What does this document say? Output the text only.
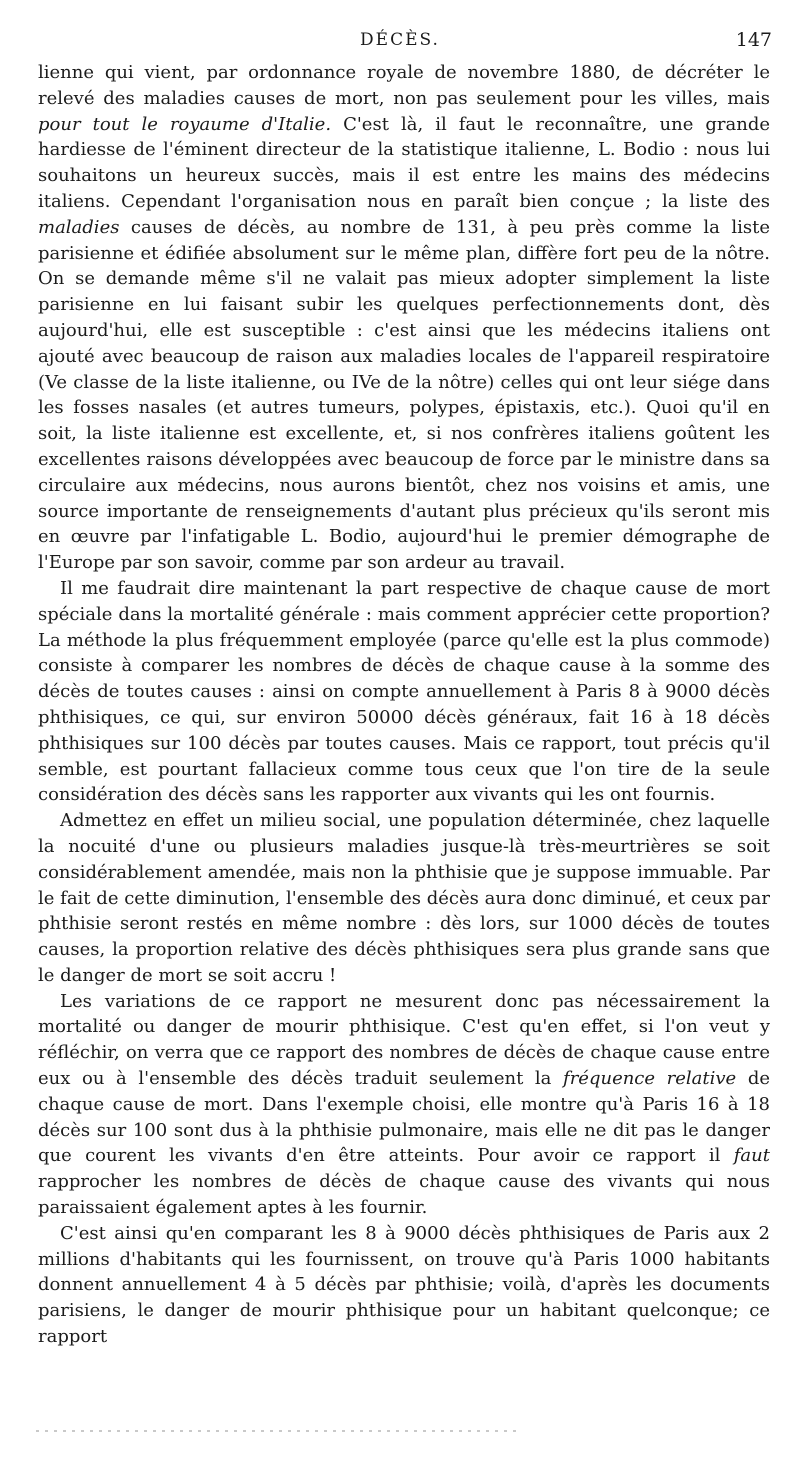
DÉCÈS.	147

lienne qui vient, par ordonnance royale de novembre 1880, de décréter le relevé des maladies causes de mort, non pas seulement pour les villes, mais pour tout le royaume d'Italie. C'est là, il faut le reconnaître, une grande hardiesse de l'éminent directeur de la statistique italienne, L. Bodio : nous lui souhaitons un heureux succès, mais il est entre les mains des médecins italiens. Cependant l'organisation nous en paraît bien conçue ; la liste des maladies causes de décès, au nombre de 131, à peu près comme la liste parisienne et édifiée absolument sur le même plan, diffère fort peu de la nôtre. On se demande même s'il ne valait pas mieux adopter simplement la liste parisienne en lui faisant subir les quelques perfectionnements dont, dès aujourd'hui, elle est susceptible : c'est ainsi que les médecins italiens ont ajouté avec beaucoup de raison aux maladies locales de l'appareil respiratoire (Ve classe de la liste italienne, ou IVe de la nôtre) celles qui ont leur siége dans les fosses nasales (et autres tumeurs, polypes, épistaxis, etc.). Quoi qu'il en soit, la liste italienne est excellente, et, si nos confrères italiens goûtent les excellentes raisons développées avec beaucoup de force par le ministre dans sa circulaire aux médecins, nous aurons bientôt, chez nos voisins et amis, une source importante de renseignements d'autant plus précieux qu'ils seront mis en œuvre par l'infatigable L. Bodio, aujourd'hui le premier démographe de l'Europe par son savoir, comme par son ardeur au travail.

Il me faudrait dire maintenant la part respective de chaque cause de mort spéciale dans la mortalité générale : mais comment apprécier cette proportion? La méthode la plus fréquemment employée (parce qu'elle est la plus commode) consiste à comparer les nombres de décès de chaque cause à la somme des décès de toutes causes : ainsi on compte annuellement à Paris 8 à 9000 décès phthisiques, ce qui, sur environ 50000 décès généraux, fait 16 à 18 décès phthisiques sur 100 décès par toutes causes. Mais ce rapport, tout précis qu'il semble, est pourtant fallacieux comme tous ceux que l'on tire de la seule considération des décès sans les rapporter aux vivants qui les ont fournis.

Admettez en effet un milieu social, une population déterminée, chez laquelle la nocuité d'une ou plusieurs maladies jusque-là très-meurtrières se soit considérablement amendée, mais non la phthisie que je suppose immuable. Par le fait de cette diminution, l'ensemble des décès aura donc diminué, et ceux par phthisie seront restés en même nombre : dès lors, sur 1000 décès de toutes causes, la proportion relative des décès phthisiques sera plus grande sans que le danger de mort se soit accru !

Les variations de ce rapport ne mesurent donc pas nécessairement la mortalité ou danger de mourir phthisique. C'est qu'en effet, si l'on veut y réfléchir, on verra que ce rapport des nombres de décès de chaque cause entre eux ou à l'ensemble des décès traduit seulement la fréquence relative de chaque cause de mort. Dans l'exemple choisi, elle montre qu'à Paris 16 à 18 décès sur 100 sont dus à la phthisie pulmonaire, mais elle ne dit pas le danger que courent les vivants d'en être atteints. Pour avoir ce rapport il faut rapprocher les nombres de décès de chaque cause des vivants qui nous paraissaient également aptes à les fournir.

C'est ainsi qu'en comparant les 8 à 9000 décès phthisiques de Paris aux 2 millions d'habitants qui les fournissent, on trouve qu'à Paris 1000 habitants donnent annuellement 4 à 5 décès par phthisie; voilà, d'après les documents parisiens, le danger de mourir phthisique pour un habitant quelconque; ce rapport
